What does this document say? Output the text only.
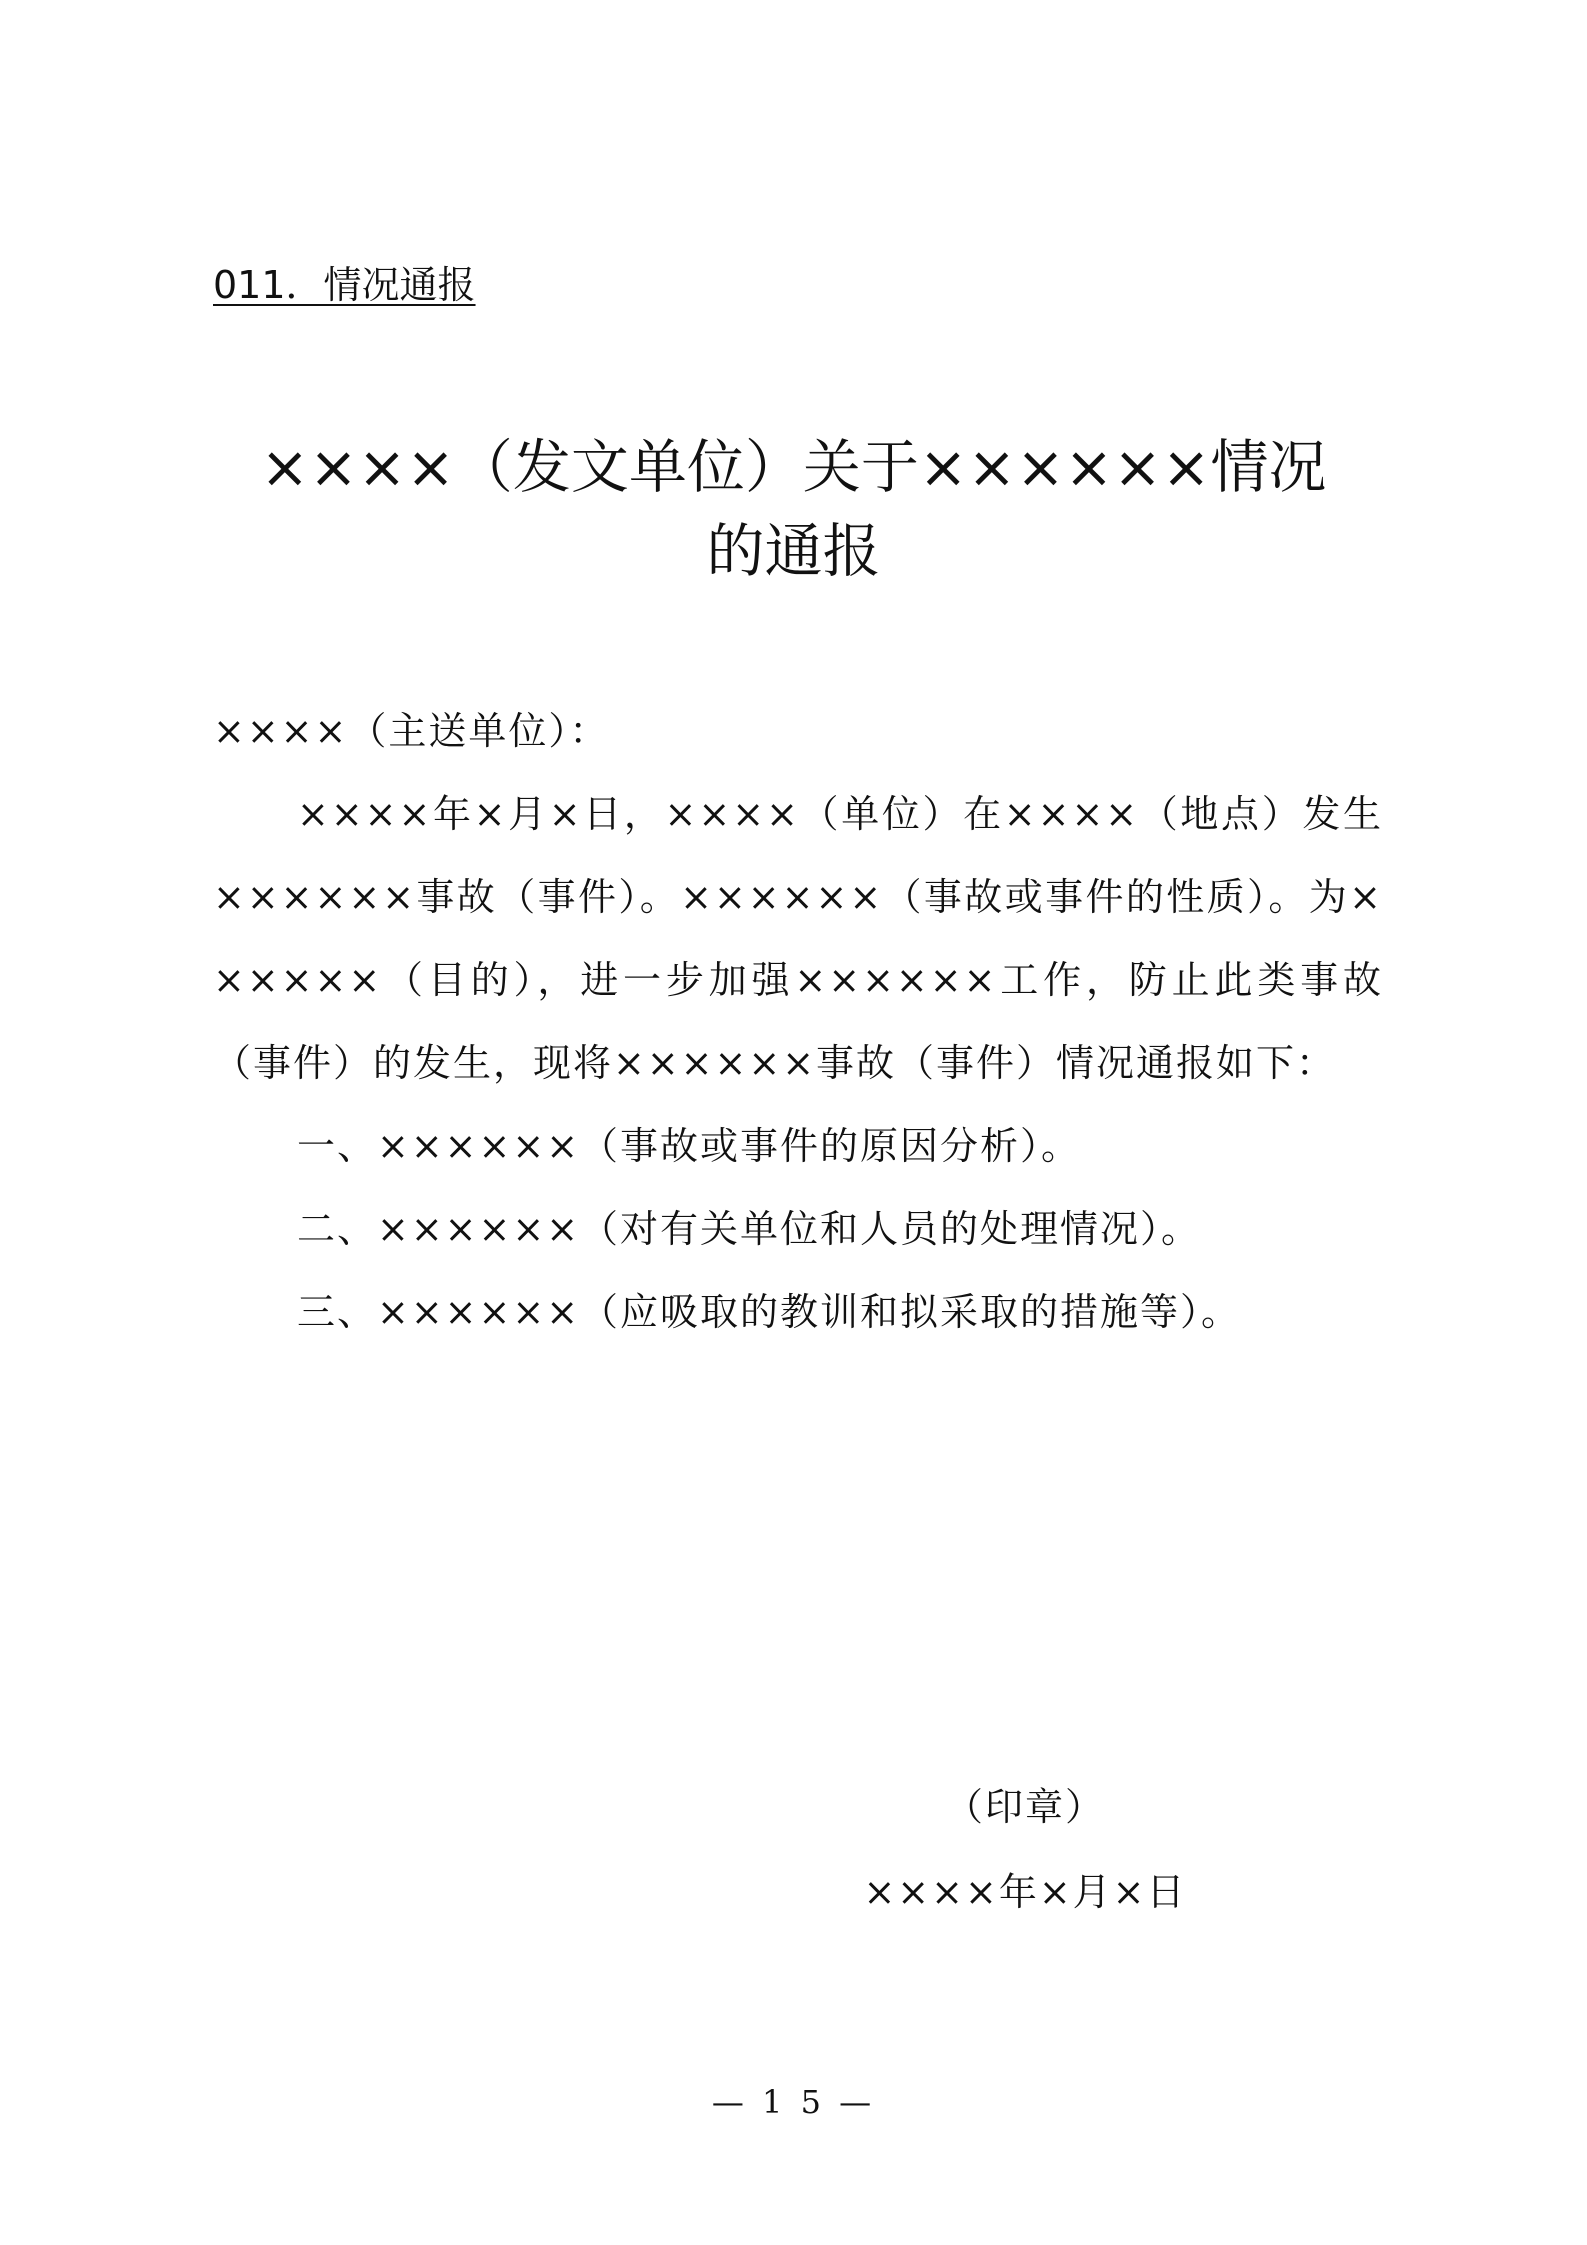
011．情况通报
××××（发文单位）关于××××××情况
的通报

××××（主送单位）：

××××年×月×日，××××（单位）在××××（地点）发生××××××事故（事件）。××××××（事故或事件的性质）。为××××××（目的），进一步加强××××××工作，防止此类事故（事件）的发生，现将××××××事故（事件）情况通报如下：

一、××××××（事故或事件的原因分析）。

二、××××××（对有关单位和人员的处理情况）。

三、××××××（应吸取的教训和拟采取的措施等）。

（印章）
××××年×月×日
— 1 5 —
